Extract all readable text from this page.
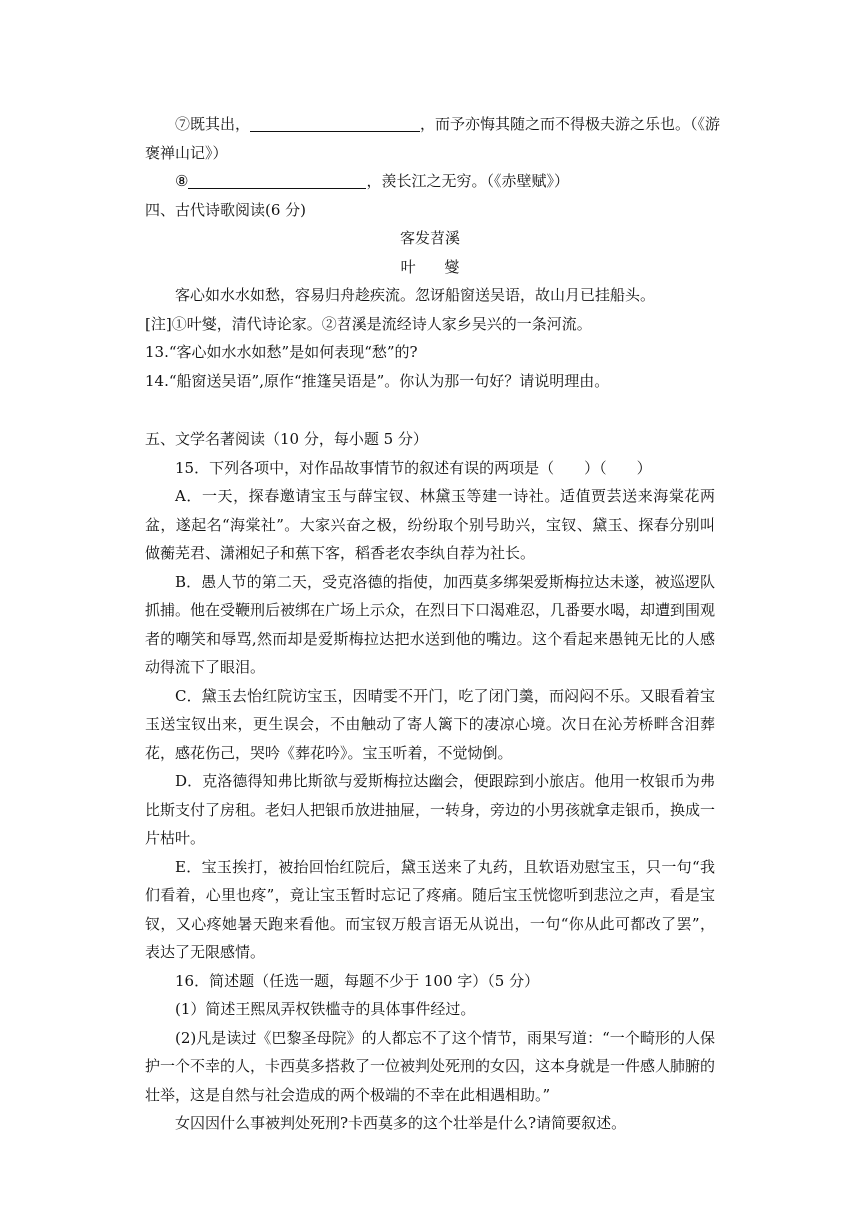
⑦既其出，	，而予亦悔其随之而不得极夫游之乐也。（《游
褒禅山记》）
⑧	，羡长江之无穷。（《赤壁赋》）
四、古代诗歌阅读(6 分)
客发苕溪
叶 燮
客心如水水如愁，容易归舟趁疾流。忽讶船窗送吴语，故山月已挂船头。
[注]①叶燮，清代诗论家。②苕溪是流经诗人家乡吴兴的一条河流。
13.“客心如水水如愁”是如何表现“愁”的?
14.“船窗送吴语”,原作“推篷吴语是”。你认为那一句好？请说明理由。
五、文学名著阅读（10 分，每小题 5 分）
15．下列各项中，对作品故事情节的叙述有误的两项是（　　）（　　）
A．一天，探春邀请宝玉与薛宝钗、林黛玉等建一诗社。适值贾芸送来海棠花两盆，遂起名“海棠社”。大家兴奋之极，纷纷取个别号助兴，宝钗、黛玉、探春分别叫做蘅芜君、潇湘妃子和蕉下客，稻香老农李纨自荐为社长。
B．愚人节的第二天，受克洛德的指使，加西莫多绑架爱斯梅拉达未遂，被巡逻队抓捕。他在受鞭刑后被绑在广场上示众，在烈日下口渴难忍，几番要水喝，却遭到围观者的嘲笑和辱骂,然而却是爱斯梅拉达把水送到他的嘴边。这个看起来愚钝无比的人感动得流下了眼泪。
C．黛玉去怡红院访宝玉，因晴雯不开门，吃了闭门羹，而闷闷不乐。又眼看着宝玉送宝钗出来，更生误会，不由触动了寄人篱下的凄凉心境。次日在沁芳桥畔含泪葬花，感花伤己，哭吟《葬花吟》。宝玉听着，不觉恸倒。
D．克洛德得知弗比斯欲与爱斯梅拉达幽会，便跟踪到小旅店。他用一枚银币为弗比斯支付了房租。老妇人把银币放进抽屉，一转身，旁边的小男孩就拿走银币，换成一片枯叶。
E．宝玉挨打，被抬回怡红院后，黛玉送来了丸药，且软语劝慰宝玉，只一句“我们看着，心里也疼”，竟让宝玉暂时忘记了疼痛。随后宝玉恍惚听到悲泣之声，看是宝钗，又心疼她暑天跑来看他。而宝钗万般言语无从说出，一句“你从此可都改了罢”，表达了无限感情。
16．简述题（任选一题，每题不少于 100 字）（5 分）
(1）简述王熙凤弄权铁槛寺的具体事件经过。
(2)凡是读过《巴黎圣母院》的人都忘不了这个情节，雨果写道：“一个畸形的人保护一个不幸的人，卡西莫多搭救了一位被判处死刑的女囚，这本身就是一件感人肺腑的壮举，这是自然与社会造成的两个极端的不幸在此相遇相助。”
女囚因什么事被判处死刑?卡西莫多的这个壮举是什么?请简要叙述。
